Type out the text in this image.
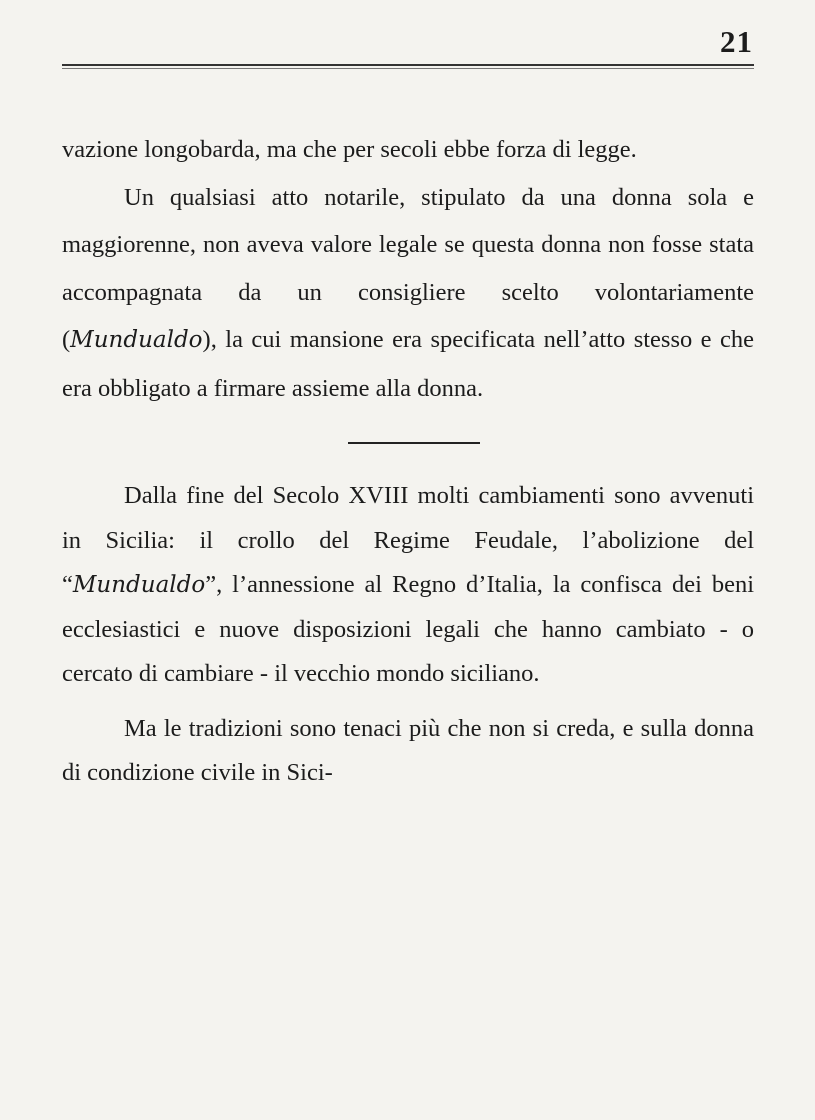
21

vazione longobarda, ma che per secoli ebbe forza di legge.

Un qualsiasi atto notarile, stipulato da una donna sola e maggiorenne, non aveva valore legale se questa donna non fosse stata accompagnata da un consigliere scelto volontariamente (Mundualdo), la cui mansione era specificata nell’atto stesso e che era obbligato a firmare assieme alla donna.

Dalla fine del Secolo XVIII molti cambiamenti sono avvenuti in Sicilia: il crollo del Regime Feudale, l’abolizione del “Mundualdo”, l’annessione al Regno d’Italia, la confisca dei beni ecclesiastici e nuove disposizioni legali che hanno cambiato - o cercato di cambiare - il vecchio mondo siciliano.

Ma le tradizioni sono tenaci più che non si creda, e sulla donna di condizione civile in Sici-
